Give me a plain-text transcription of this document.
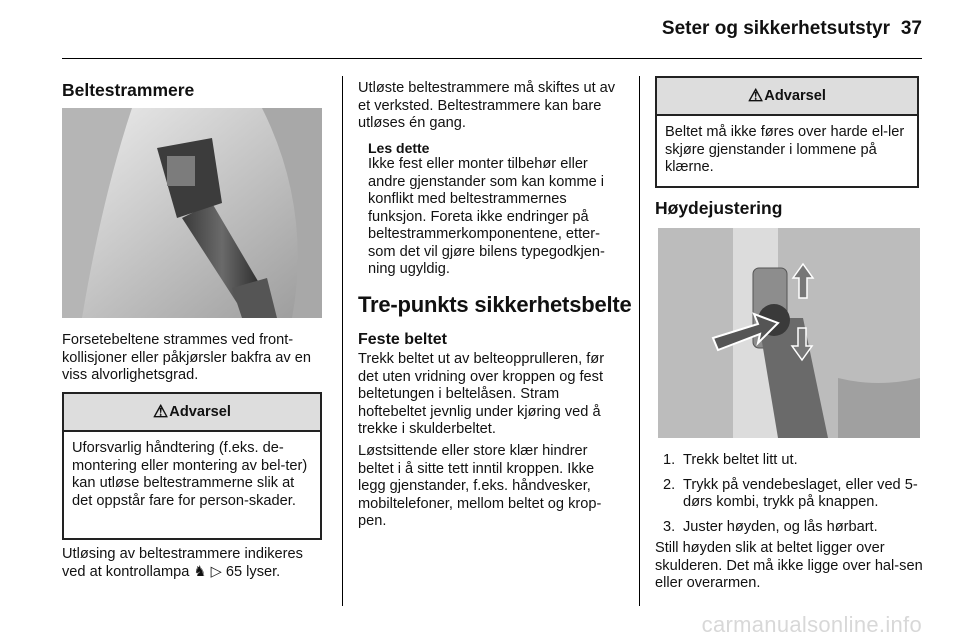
Seter og sikkerhetsutstyr 37
Beltestrammere

Forsetebeltene strammes ved front-kollisjoner eller påkjørsler bakfra av en viss alvorlighetsgrad.

⚠Advarsel
Uforsvarlig håndtering (f.eks. de-montering eller montering av bel-ter) kan utløse beltestrammerne slik at det oppstår fare for person-skader.

Utløsing av beltestrammere indikeres ved at kontrollampa ♞ ▷ 65 lyser.

Utløste beltestrammere må skiftes ut av et verksted. Beltestrammere kan bare utløses én gang.

Les dette
Ikke fest eller monter tilbehør eller andre gjenstander som kan komme i konflikt med beltestrammernes funksjon. Foreta ikke endringer på beltestrammerkomponentene, etter-som det vil gjøre bilens typegodkjen-ning ugyldig.
Tre-punkts sikkerhetsbelte
Feste beltet

Trekk beltet ut av belteopprulleren, før det uten vridning over kroppen og fest beltetungen i beltelåsen. Stram hoftebeltet jevnlig under kjøring ved å trekke i skulderbeltet.

Løstsittende eller store klær hindrer beltet i å sitte tett inntil kroppen. Ikke legg gjenstander, f.eks. håndvesker, mobiltelefoner, mellom beltet og krop-pen.

⚠Advarsel
Beltet må ikke føres over harde el-ler skjøre gjenstander i lommene på klærne.
Høydejustering
1. Trekk beltet litt ut.
2. Trykk på vendebeslaget, eller ved 5-dørs kombi, trykk på knappen.
3. Juster høyden, og lås hørbart.

Still høyden slik at beltet ligger over skulderen. Det må ikke ligge over hal-sen eller overarmen.

carmanualsonline.info
